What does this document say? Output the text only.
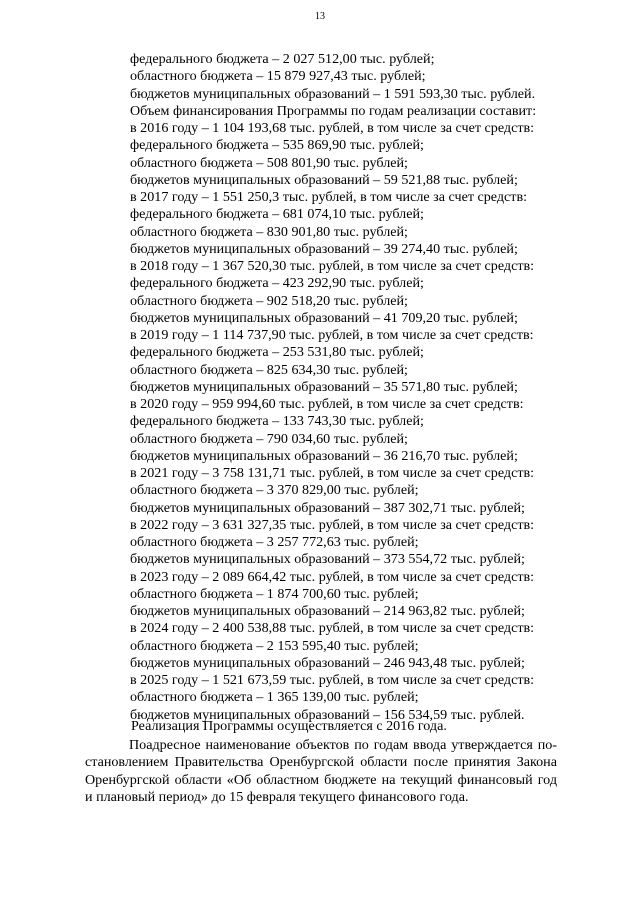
13
федерального бюджета – 2 027 512,00 тыс. рублей;
областного бюджета – 15 879 927,43 тыс. рублей;
бюджетов муниципальных образований – 1 591 593,30 тыс. рублей.
Объем финансирования Программы по годам реализации составит:
в 2016 году – 1 104 193,68 тыс. рублей, в том числе за счет средств:
федерального бюджета – 535 869,90 тыс. рублей;
областного бюджета – 508 801,90 тыс. рублей;
бюджетов муниципальных образований – 59 521,88 тыс. рублей;
в 2017 году – 1 551 250,3 тыс. рублей, в том числе за счет средств:
федерального бюджета – 681 074,10 тыс. рублей;
областного бюджета – 830 901,80 тыс. рублей;
бюджетов муниципальных образований – 39 274,40 тыс. рублей;
в 2018 году – 1 367 520,30 тыс. рублей, в том числе за счет средств:
федерального бюджета – 423 292,90 тыс. рублей;
областного бюджета – 902 518,20 тыс. рублей;
бюджетов муниципальных образований – 41 709,20 тыс. рублей;
в 2019 году – 1 114 737,90 тыс. рублей, в том числе за счет средств:
федерального бюджета – 253 531,80 тыс. рублей;
областного бюджета – 825 634,30 тыс. рублей;
бюджетов муниципальных образований – 35 571,80 тыс. рублей;
в 2020 году – 959 994,60 тыс. рублей, в том числе за счет средств:
федерального бюджета – 133 743,30 тыс. рублей;
областного бюджета – 790 034,60 тыс. рублей;
бюджетов муниципальных образований – 36 216,70 тыс. рублей;
в 2021 году – 3 758 131,71 тыс. рублей, в том числе за счет средств:
областного бюджета – 3 370 829,00 тыс. рублей;
бюджетов муниципальных образований – 387 302,71 тыс. рублей;
в 2022 году – 3 631 327,35 тыс. рублей, в том числе за счет средств:
областного бюджета – 3 257 772,63 тыс. рублей;
бюджетов муниципальных образований – 373 554,72 тыс. рублей;
в 2023 году – 2 089 664,42 тыс. рублей, в том числе за счет средств:
областного бюджета – 1 874 700,60 тыс. рублей;
бюджетов муниципальных образований – 214 963,82 тыс. рублей;
в 2024 году – 2 400 538,88 тыс. рублей, в том числе за счет средств:
областного бюджета – 2 153 595,40 тыс. рублей;
бюджетов муниципальных образований – 246 943,48 тыс. рублей;
в 2025 году – 1 521 673,59 тыс. рублей, в том числе за счет средств:
областного бюджета – 1 365 139,00 тыс. рублей;
бюджетов муниципальных образований – 156 534,59 тыс. рублей.
Реализация Программы осуществляется с 2016 года.
Поадресное наименование объектов по годам ввода утверждается по-
становлением Правительства Оренбургской области после принятия Закона
Оренбургской области «Об областном бюджете на текущий финансовый год
и плановый период» до 15 февраля текущего финансового года.
